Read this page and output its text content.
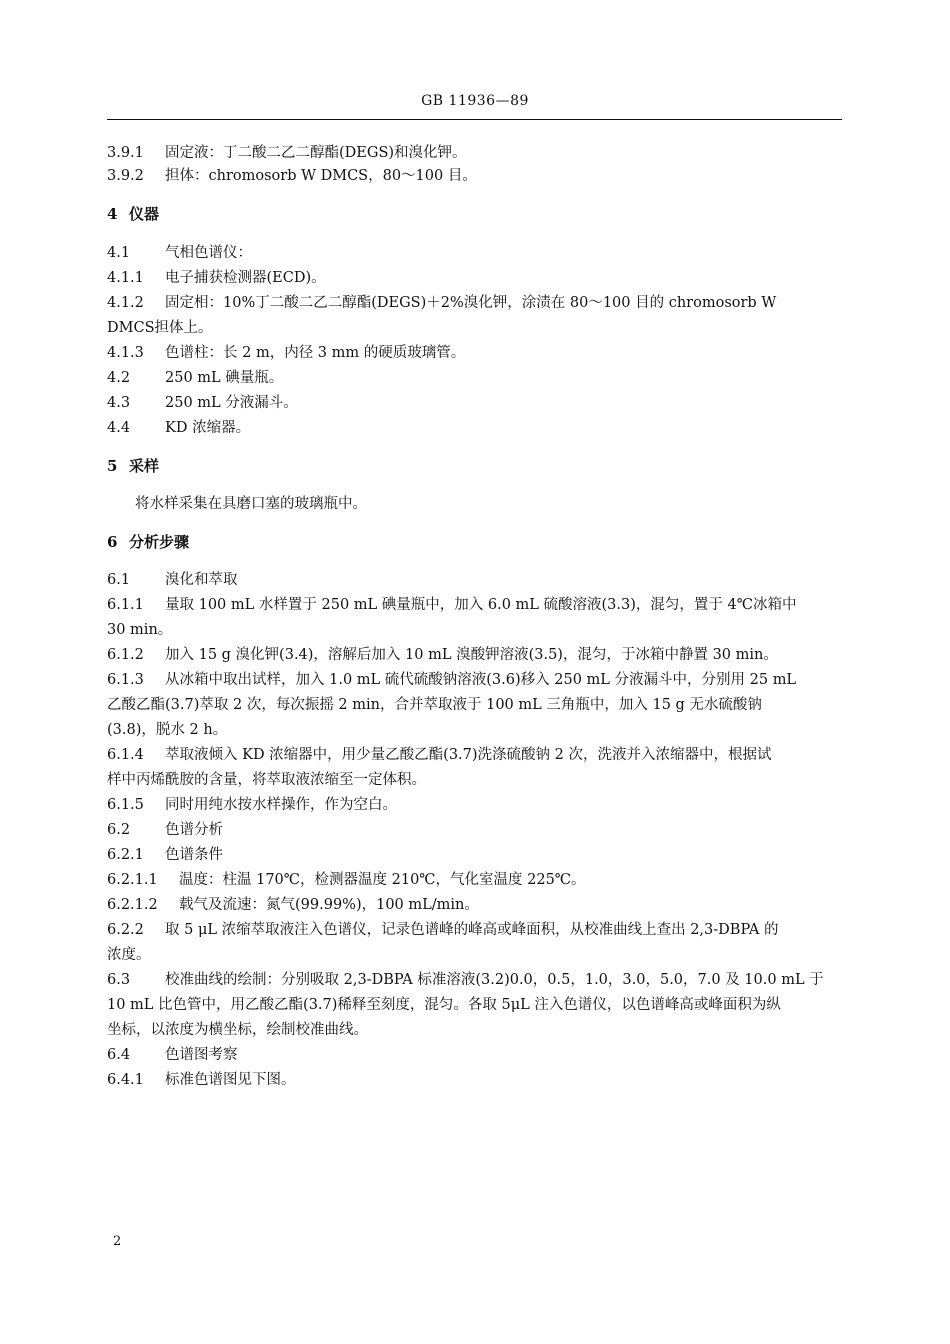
GB 11936—89
3.9.1 固定液：丁二酸二乙二醇酯(DEGS)和溴化钾。
3.9.2 担体：chromosorb W DMCS，80～100 目。
4 仪器
4.1 气相色谱仪：
4.1.1 电子捕获检测器(ECD)。
4.1.2 固定相：10%丁二酸二乙二醇酯(DEGS)＋2%溴化钾，涂渍在 80～100 目的 chromosorb W
DMCS担体上。
4.1.3 色谱柱：长 2 m，内径 3 mm 的硬质玻璃管。
4.2 250 mL 碘量瓶。
4.3 250 mL 分液漏斗。
4.4 KD 浓缩器。
5 采样
将水样采集在具磨口塞的玻璃瓶中。
6 分析步骤
6.1 溴化和萃取
6.1.1 量取 100 mL 水样置于 250 mL 碘量瓶中，加入 6.0 mL 硫酸溶液(3.3)，混匀，置于 4℃冰箱中
30 min。
6.1.2 加入 15 g 溴化钾(3.4)，溶解后加入 10 mL 溴酸钾溶液(3.5)，混匀，于冰箱中静置 30 min。
6.1.3 从冰箱中取出试样，加入 1.0 mL 硫代硫酸钠溶液(3.6)移入 250 mL 分液漏斗中，分别用 25 mL
乙酸乙酯(3.7)萃取 2 次，每次振摇 2 min，合并萃取液于 100 mL 三角瓶中，加入 15 g 无水硫酸钠
(3.8)，脱水 2 h。
6.1.4 萃取液倾入 KD 浓缩器中，用少量乙酸乙酯(3.7)洗涤硫酸钠 2 次，洗液并入浓缩器中，根据试
样中丙烯酰胺的含量，将萃取液浓缩至一定体积。
6.1.5 同时用纯水按水样操作，作为空白。
6.2 色谱分析
6.2.1 色谱条件
6.2.1.1 温度：柱温 170℃，检测器温度 210℃，气化室温度 225℃。
6.2.1.2 载气及流速：氮气(99.99%)，100 mL/min。
6.2.2 取 5 μL 浓缩萃取液注入色谱仪，记录色谱峰的峰高或峰面积，从校准曲线上查出 2,3-DBPA 的
浓度。
6.3 校准曲线的绘制：分别吸取 2,3-DBPA 标准溶液(3.2)0.0，0.5，1.0，3.0，5.0，7.0 及 10.0 mL 于
10 mL 比色管中，用乙酸乙酯(3.7)稀释至刻度，混匀。各取 5μL 注入色谱仪，以色谱峰高或峰面积为纵
坐标，以浓度为横坐标，绘制校准曲线。
6.4 色谱图考察
6.4.1 标准色谱图见下图。
2
